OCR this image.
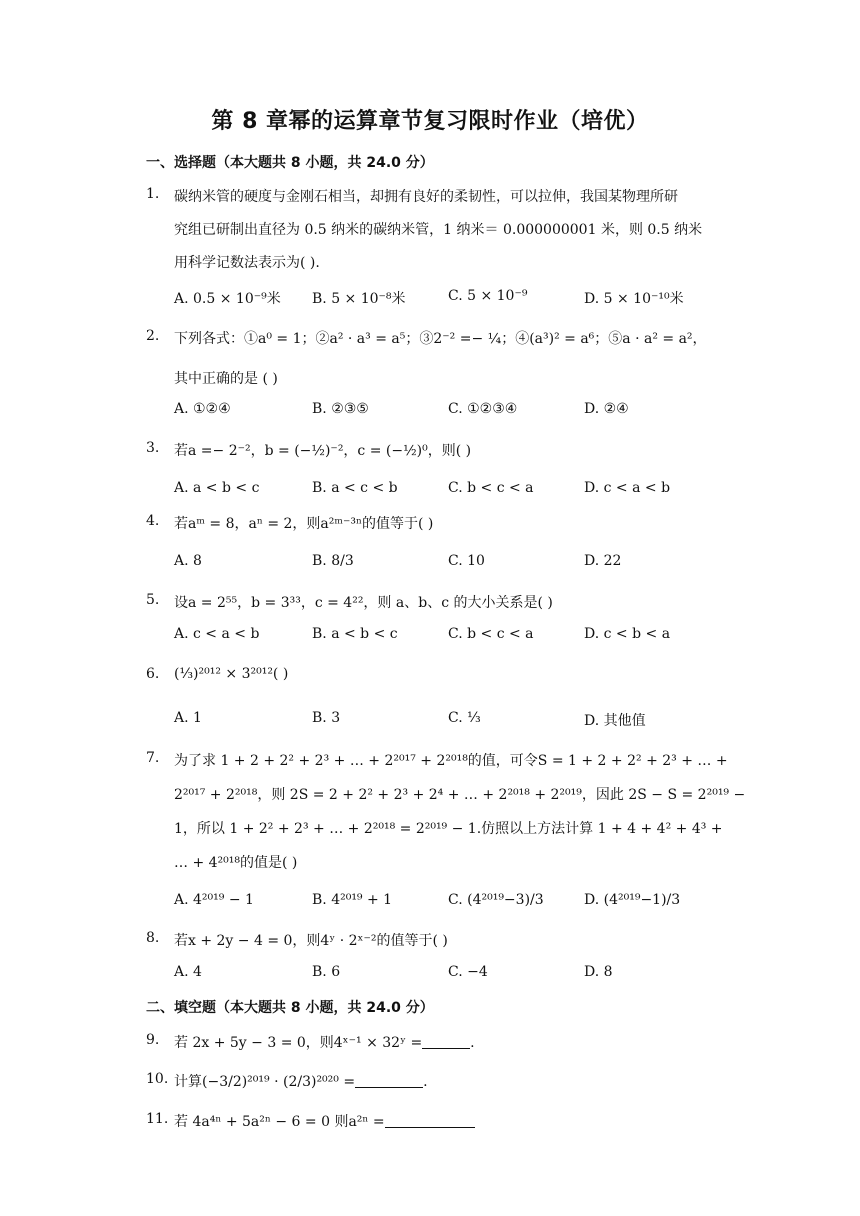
第 8 章幂的运算章节复习限时作业（培优）
一、选择题（本大题共 8 小题，共 24.0 分）
1.	碳纳米管的硬度与金刚石相当，却拥有良好的柔韧性，可以拉伸，我国某物理所研
究组已研制出直径为 0.5 纳米的碳纳米管，1 纳米＝ 0.000000001 米，则 0.5 纳米
用科学记数法表示为( ).
A. 0.5 × 10⁻⁹米 B. 5 × 10⁻⁸米	C. 5 × 10⁻⁹	D. 5 × 10⁻¹⁰米
2.	下列各式：①a⁰ = 1；②a² · a³ = a⁵；③2⁻² =− ¼；④(a³)² = a⁶；⑤a · a² = a²，
其中正确的是 ( )
A. ①②④	B. ②③⑤	C. ①②③④	D. ②④
3.	若a =− 2⁻²，b = (−½)⁻²，c = (−½)⁰，则( )
A. a < b < c	B. a < c < b	C. b < c < a	D. c < a < b
4.	若aᵐ = 8，aⁿ = 2，则a²ᵐ⁻³ⁿ的值等于( )
A. 8	B. 8/3	C. 10	D. 22
5.	设a = 2⁵⁵，b = 3³³，c = 4²²，则 a、b、c 的大小关系是( )
A. c < a < b	B. a < b < c	C. b < c < a	D. c < b < a
6.	(⅓)²⁰¹² × 3²⁰¹²( )
A. 1	B. 3	C. ⅓	D. 其他值
7.	为了求 1 + 2 + 2² + 2³ + … + 2²⁰¹⁷ + 2²⁰¹⁸的值，可令S = 1 + 2 + 2² + 2³ + … +
2²⁰¹⁷ + 2²⁰¹⁸，则 2S = 2 + 2² + 2³ + 2⁴ + … + 2²⁰¹⁸ + 2²⁰¹⁹，因此 2S − S = 2²⁰¹⁹ −
1，所以 1 + 2² + 2³ + … + 2²⁰¹⁸ = 2²⁰¹⁹ − 1.仿照以上方法计算 1 + 4 + 4² + 4³ +
… + 4²⁰¹⁸的值是( )
A. 4²⁰¹⁹ − 1	B. 4²⁰¹⁹ + 1	C. (4²⁰¹⁹−3)/3	D. (4²⁰¹⁹−1)/3
8.	若x + 2y − 4 = 0，则4ʸ · 2ˣ⁻²的值等于( )
A. 4	B. 6	C. −4	D. 8
二、填空题（本大题共 8 小题，共 24.0 分）
9.	若 2x + 5y − 3 = 0，则4ˣ⁻¹ × 32ʸ =	.
10. 计算(−3/2)²⁰¹⁹ · (2/3)²⁰²⁰ =	.
11. 若 4a⁴ⁿ + 5a²ⁿ − 6 = 0 则a²ⁿ =
